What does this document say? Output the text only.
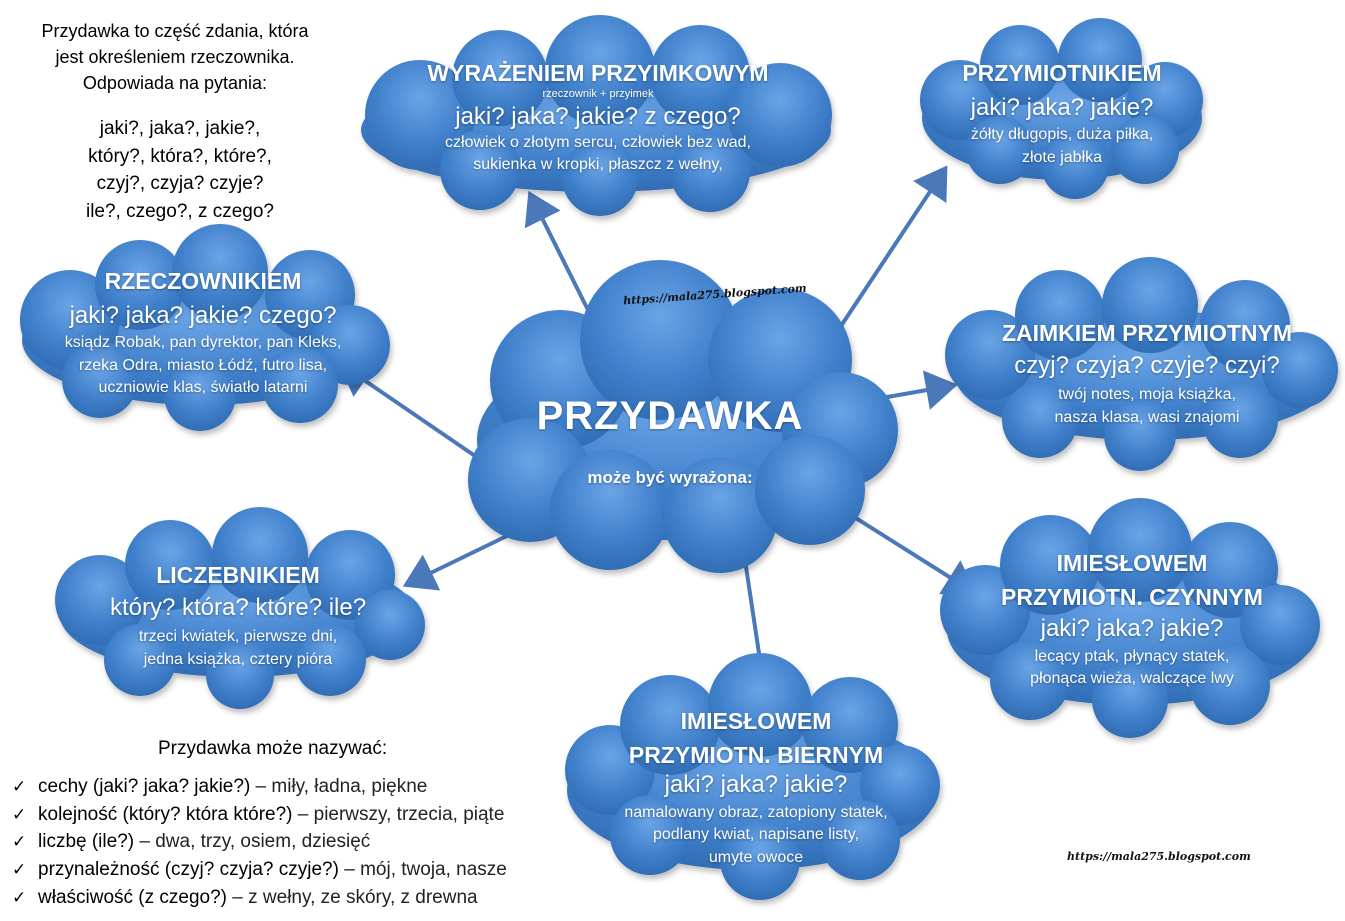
Przydawka to część zdania, która
jest określeniem rzeczownika.
Odpowiada na pytania:
jaki?, jaka?, jakie?,
który?, która?, które?,
czyj?, czyja? czyje?
ile?, czego?, z czego?
PRZYDAWKA
może być wyrażona:
WYRAŻENIEM PRZYIMKOWYM
rzeczownik + przyimek
jaki? jaka? jakie? z czego?
człowiek o złotym sercu, człowiek bez wad,
sukienka w kropki, płaszcz z wełny,
PRZYMIOTNIKIEM
jaki? jaka? jakie?
żółty długopis, duża piłka,
złote jabłka
RZECZOWNIKIEM
jaki? jaka? jakie? czego?
ksiądz Robak, pan dyrektor, pan Kleks,
rzeka Odra, miasto Łódź, futro lisa,
uczniowie klas, światło latarni
ZAIMKIEM PRZYMIOTNYM
czyj? czyja? czyje? czyi?
twój notes, moja książka,
nasza klasa, wasi znajomi
LICZEBNIKIEM
który? która? które? ile?
trzeci kwiatek, pierwsze dni,
jedna książka, cztery pióra
IMIESŁOWEM
PRZYMIOTN. CZYNNYM
jaki? jaka? jakie?
lecący ptak, płynący statek,
płonąca wieża, walczące lwy
IMIESŁOWEM
PRZYMIOTN. BIERNYM
jaki? jaka? jakie?
namalowany obraz, zatopiony statek,
podlany kwiat, napisane listy,
umyte owoce
https://mala275.blogspot.com
https://mala275.blogspot.com
Przydawka może nazywać:
✓ cechy (jaki? jaka? jakie?) – miły, ładna, piękne
✓ kolejność (który? która które?) – pierwszy, trzecia, piąte
✓ liczbę (ile?) – dwa, trzy, osiem, dziesięć
✓ przynależność (czyj? czyja? czyje?) – mój, twoja, nasze
✓ właściwość (z czego?) – z wełny, ze skóry, z drewna
